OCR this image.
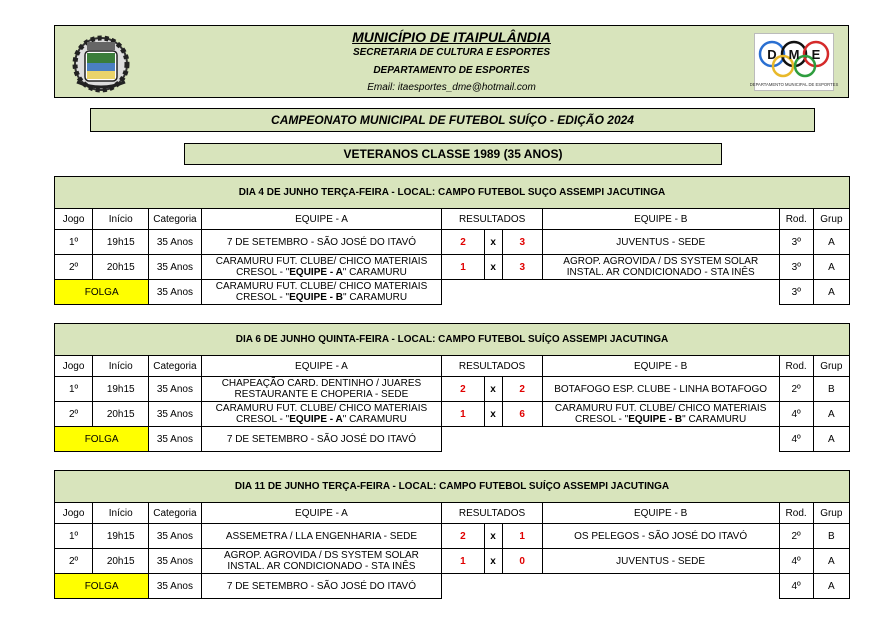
MUNICÍPIO DE ITAIPULÂNDIA
SECRETARIA DE CULTURA E ESPORTES
DEPARTAMENTO DE ESPORTES
Email: itaesportes_dme@hotmail.com
D M E
DEPARTAMENTO MUNICIPAL DE ESPORTES
CAMPEONATO MUNICIPAL DE FUTEBOL SUÍÇO - EDIÇÃO 2024
VETERANOS CLASSE 1989 (35 ANOS)
DIA 4 DE JUNHO TERÇA-FEIRA - LOCAL: CAMPO FUTEBOL SUÇO ASSEMPI JACUTINGA									
Jogo	Início	Categoria	EQUIPE - A	RESULTADOS			EQUIPE - B	Rod.	Grup
1º	19h15	35 Anos	7 DE SETEMBRO - SÃO JOSÉ DO ITAVÓ	2	x	3	JUVENTUS - SEDE	3º	A
2º	20h15	35 Anos	CARAMURU FUT. CLUBE/ CHICO MATERIAIS
CRESOL - "EQUIPE - A" CARAMURU	1	x	3	AGROP. AGROVIDA / DS SYSTEM SOLAR
INSTAL. AR CONDICIONADO - STA INÊS	3º	A
FOLGA		35 Anos	CARAMURU FUT. CLUBE/ CHICO MATERIAIS
CRESOL - "EQUIPE - B" CARAMURU					3º	A
DIA 6 DE JUNHO QUINTA-FEIRA - LOCAL: CAMPO FUTEBOL SUÍÇO ASSEMPI JACUTINGA									
Jogo	Início	Categoria	EQUIPE - A	RESULTADOS			EQUIPE - B	Rod.	Grup
1º	19h15	35 Anos	CHAPEAÇÃO CARD. DENTINHO / JUARES
RESTAURANTE E CHOPERIA - SEDE	2	x	2	BOTAFOGO ESP. CLUBE - LINHA BOTAFOGO	2º	B
2º	20h15	35 Anos	CARAMURU FUT. CLUBE/ CHICO MATERIAIS
CRESOL - "EQUIPE - A" CARAMURU	1	x	6	CARAMURU FUT. CLUBE/ CHICO MATERIAIS
CRESOL - "EQUIPE - B" CARAMURU	4º	A
FOLGA		35 Anos	7 DE SETEMBRO - SÃO JOSÉ DO ITAVÓ					4º	A
DIA 11 DE JUNHO TERÇA-FEIRA - LOCAL: CAMPO FUTEBOL SUÍÇO ASSEMPI JACUTINGA									
Jogo	Início	Categoria	EQUIPE - A	RESULTADOS			EQUIPE - B	Rod.	Grup
1º	19h15	35 Anos	ASSEMETRA / LLA ENGENHARIA - SEDE	2	x	1	OS PELEGOS - SÃO JOSÉ DO ITAVÓ	2º	B
2º	20h15	35 Anos	AGROP. AGROVIDA / DS SYSTEM SOLAR
INSTAL. AR CONDICIONADO - STA INÊS	1	x	0	JUVENTUS - SEDE	4º	A
FOLGA		35 Anos	7 DE SETEMBRO - SÃO JOSÉ DO ITAVÓ					4º	A
